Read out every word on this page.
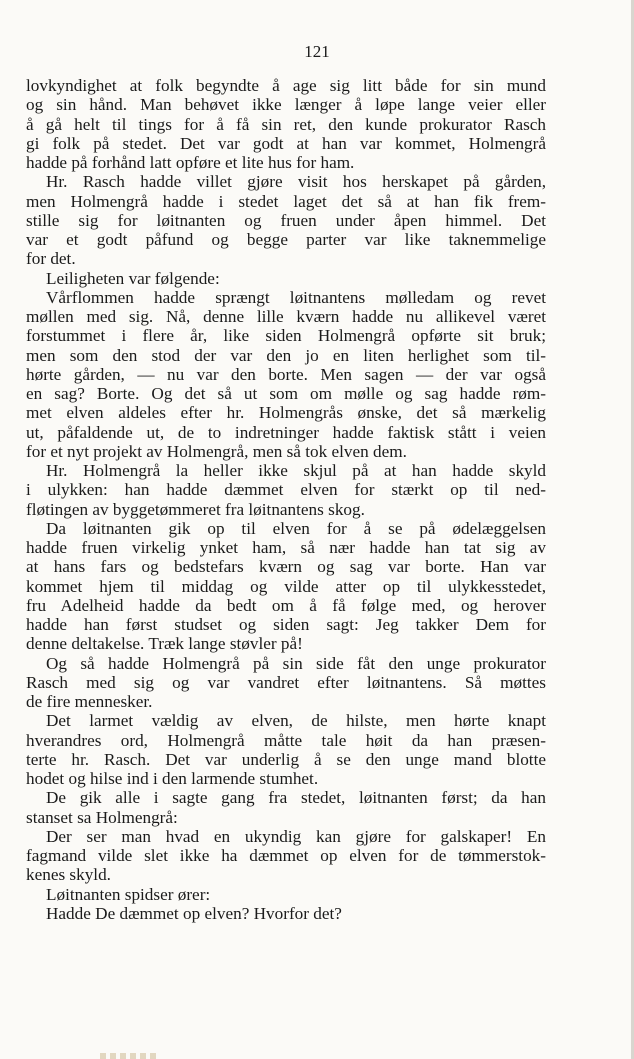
121
lovkyndighet at folk begyndte å age sig litt både for sin mund
og sin hånd. Man behøvet ikke længer å løpe lange veier eller
å gå helt til tings for å få sin ret, den kunde prokurator Rasch
gi folk på stedet. Det var godt at han var kommet, Holmengrå
hadde på forhånd latt opføre et lite hus for ham.
Hr. Rasch hadde villet gjøre visit hos herskapet på gården,
men Holmengrå hadde i stedet laget det så at han fik frem-
stille sig for løitnanten og fruen under åpen himmel. Det
var et godt påfund og begge parter var like taknemmelige
for det.
Leiligheten var følgende:
Vårflommen hadde sprængt løitnantens mølledam og revet
møllen med sig. Nå, denne lille kværn hadde nu allikevel været
forstummet i flere år, like siden Holmengrå opførte sit bruk;
men som den stod der var den jo en liten herlighet som til-
hørte gården, — nu var den borte. Men sagen — der var også
en sag? Borte. Og det så ut som om mølle og sag hadde røm-
met elven aldeles efter hr. Holmengrås ønske, det så mærkelig
ut, påfaldende ut, de to indretninger hadde faktisk stått i veien
for et nyt projekt av Holmengrå, men så tok elven dem.
Hr. Holmengrå la heller ikke skjul på at han hadde skyld
i ulykken: han hadde dæmmet elven for stærkt op til ned-
fløtingen av byggetømmeret fra løitnantens skog.
Da løitnanten gik op til elven for å se på ødelæggelsen
hadde fruen virkelig ynket ham, så nær hadde han tat sig av
at hans fars og bedstefars kværn og sag var borte. Han var
kommet hjem til middag og vilde atter op til ulykkesstedet,
fru Adelheid hadde da bedt om å få følge med, og herover
hadde han først studset og siden sagt: Jeg takker Dem for
denne deltakelse. Træk lange støvler på!
Og så hadde Holmengrå på sin side fåt den unge prokurator
Rasch med sig og var vandret efter løitnantens. Så møttes
de fire mennesker.
Det larmet vældig av elven, de hilste, men hørte knapt
hverandres ord, Holmengrå måtte tale høit da han præsen-
terte hr. Rasch. Det var underlig å se den unge mand blotte
hodet og hilse ind i den larmende stumhet.
De gik alle i sagte gang fra stedet, løitnanten først; da han
stanset sa Holmengrå:
Der ser man hvad en ukyndig kan gjøre for galskaper! En
fagmand vilde slet ikke ha dæmmet op elven for de tømmerstok-
kenes skyld.
Løitnanten spidser ører:
Hadde De dæmmet op elven? Hvorfor det?
